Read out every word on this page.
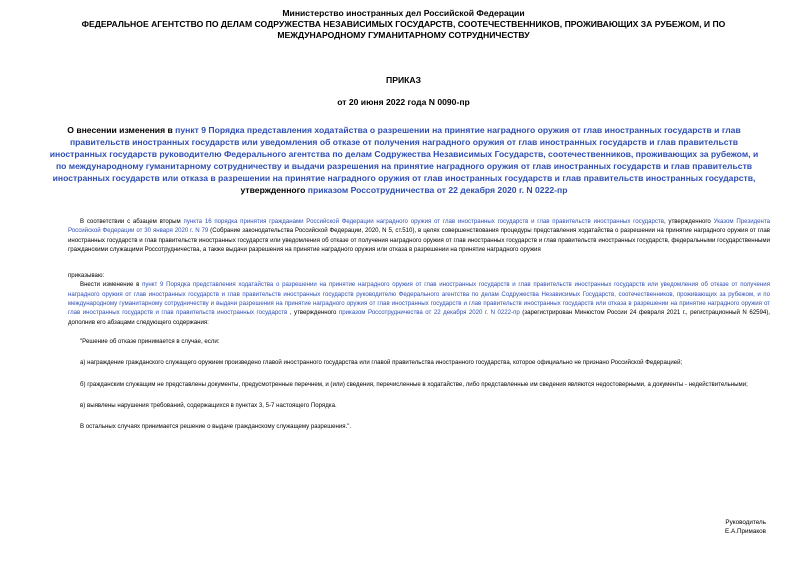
Министерство иностранных дел Российской Федерации
ФЕДЕРАЛЬНОЕ АГЕНТСТВО ПО ДЕЛАМ СОДРУЖЕСТВА НЕЗАВИСИМЫХ ГОСУДАРСТВ, СООТЕЧЕСТВЕННИКОВ, ПРОЖИВАЮЩИХ ЗА РУБЕЖОМ, И ПО
МЕЖДУНАРОДНОМУ ГУМАНИТАРНОМУ СОТРУДНИЧЕСТВУ
ПРИКАЗ
от 20 июня 2022 года N 0090-пр
О внесении изменения в пункт 9 Порядка представления ходатайства о разрешении на принятие наградного оружия от глав иностранных государств и глав правительств иностранных государств или уведомления об отказе от получения наградного оружия от глав иностранных государств и глав правительств иностранных государств руководителю Федерального агентства по делам Содружества Независимых Государств, соотечественников, проживающих за рубежом, и по международному гуманитарному сотрудничеству и выдачи разрешения на принятие наградного оружия от глав иностранных государств и глав правительств иностранных государств или отказа в разрешении на принятие наградного оружия от глав иностранных государств и глав правительств иностранных государств, утвержденного приказом Россотрудничества от 22 декабря 2020 г. N 0222-пр

В соответствии с абзацем вторым пункта 16 порядка принятия гражданами Российской Федерации наградного оружия от глав иностранных государств и глав правительств иностранных государств, утвержденного Указом Президента Российской Федерации от 30 января 2020 г. N 79 (Собрание законодательства Российской Федерации, 2020, N 5, ст.510), в целях совершенствования процедуры представления ходатайства о разрешении на принятие наградного оружия от глав иностранных государств и глав правительств иностранных государств или уведомления об отказе от получения наградного оружия от глав иностранных государств и глав правительств иностранных государств, федеральными государственными гражданскими служащими Россотрудничества, а также выдачи разрешения на принятие наградного оружия или отказа в разрешении на принятие наградного оружия

приказываю:

Внести изменение в пункт 9 Порядка представления ходатайства о разрешении на принятие наградного оружия от глав иностранных государств и глав правительств иностранных государств или уведомления об отказе от получения наградного оружия от глав иностранных государств и глав правительств иностранных государств руководителю Федерального агентства по делам Содружества Независимых Государств, соотечественников, проживающих за рубежом, и по международному гуманитарному сотрудничеству и выдачи разрешения на принятие наградного оружия от глав иностранных государств и глав правительств иностранных государств или отказа в разрешении на принятие наградного оружия от глав иностранных государств и глав правительств иностранных государств , утвержденного приказом Россотрудничества от 22 декабря 2020 г. N 0222-пр (зарегистрирован Минюстом России 24 февраля 2021 г., регистрационный N 62594), дополнив его абзацами следующего содержания:

"Решение об отказе принимается в случае, если:

а) награждение гражданского служащего оружием произведено главой иностранного государства или главой правительства иностранного государства, которое официально не признано Российской Федерацией;

б) гражданским служащим не представлены документы, предусмотренные перечнем, и (или) сведения, перечисленные в ходатайстве, либо представленные им сведения являются недостоверными, а документы - недействительными;

в) выявлены нарушения требований, содержащихся в пунктах 3, 5-7 настоящего Порядка.

В остальных случаях принимается решение о выдаче гражданскому служащему разрешения.".

Руководитель
Е.А.Примаков
